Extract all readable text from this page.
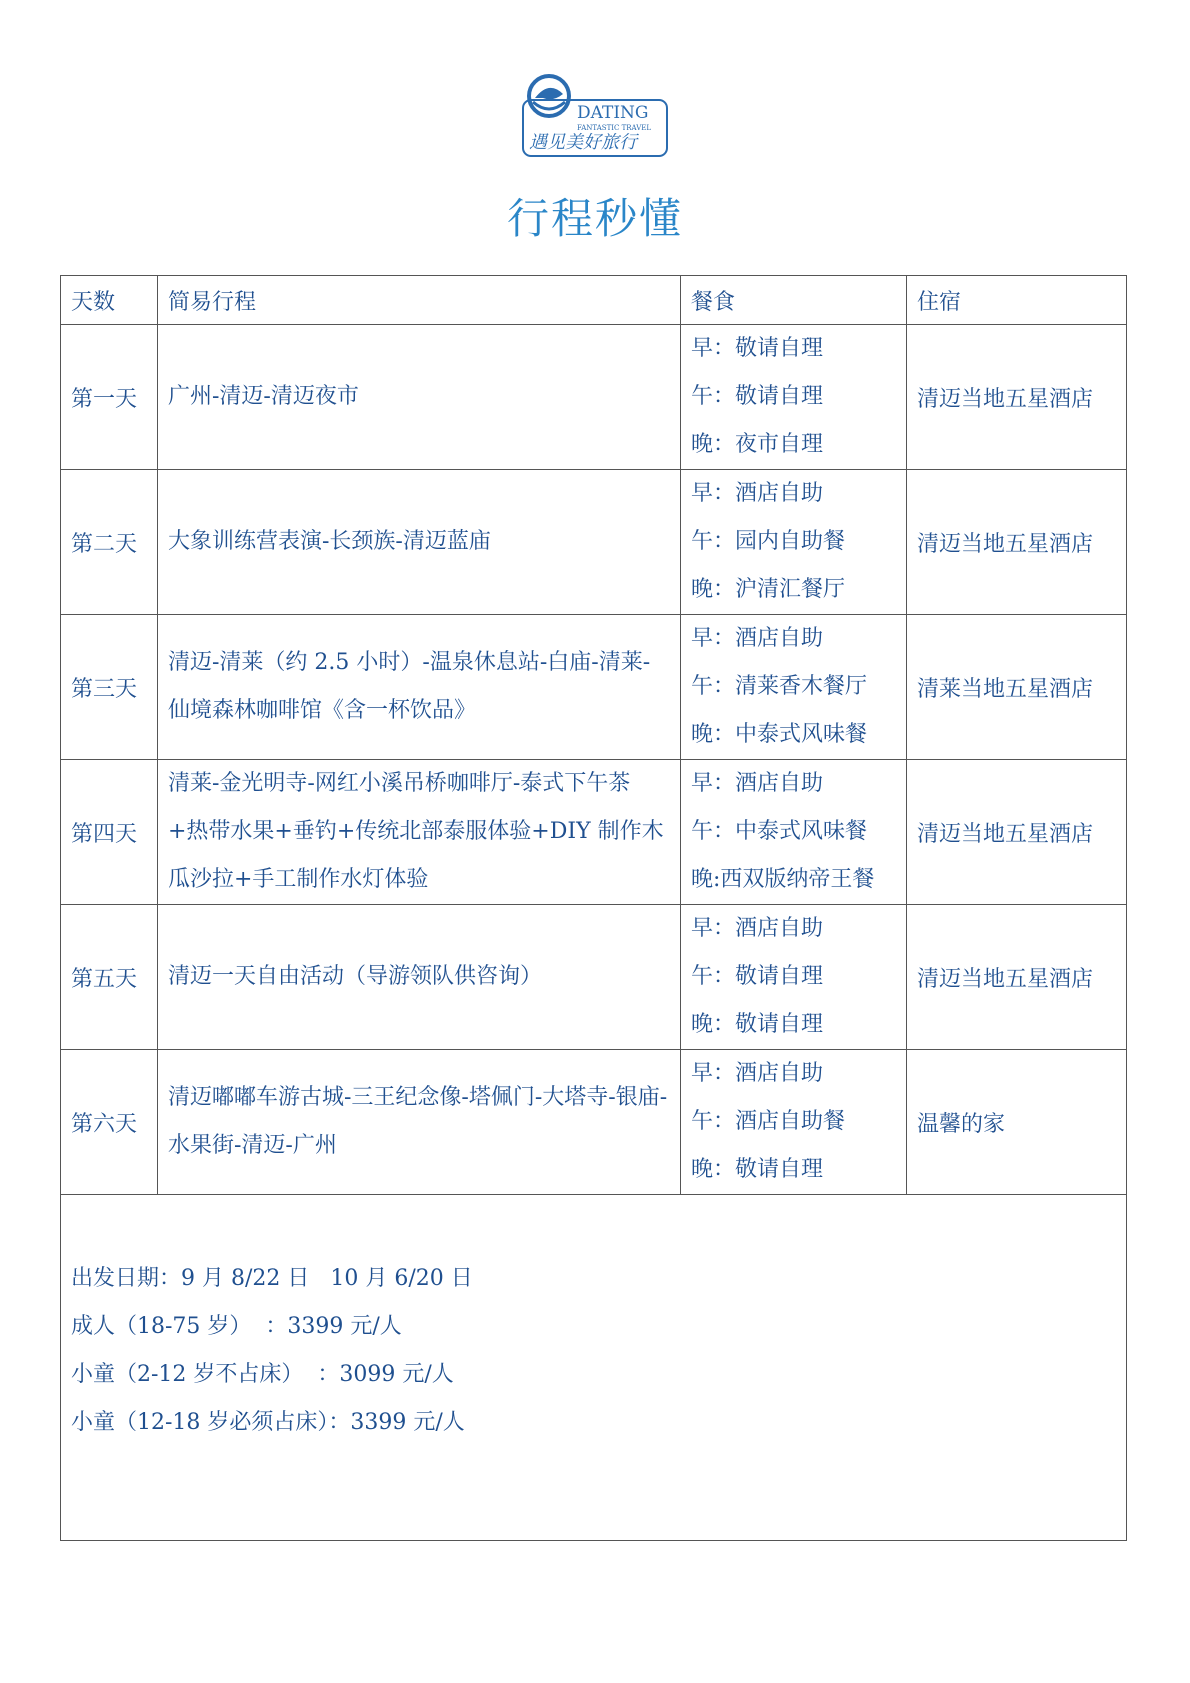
DATING
FANTASTIC TRAVEL
遇见美好旅行
行程秒懂
天数	简易行程	餐食	住宿
第一天	广州-清迈-清迈夜市	早：敬请自理
午：敬请自理
晚：夜市自理	清迈当地五星酒店
第二天	大象训练营表演-长颈族-清迈蓝庙	早：酒店自助
午：园内自助餐
晚：沪清汇餐厅	清迈当地五星酒店
第三天	清迈-清莱（约 2.5 小时）-温泉休息站-白庙-清莱-仙境森林咖啡馆《含一杯饮品》	早：酒店自助
午：清莱香木餐厅
晚：中泰式风味餐	清莱当地五星酒店
第四天	清莱-金光明寺-网红小溪吊桥咖啡厅-泰式下午茶+热带水果+垂钓+传统北部泰服体验+DIY 制作木瓜沙拉+手工制作水灯体验	早：酒店自助
午：中泰式风味餐
晚:西双版纳帝王餐	清迈当地五星酒店
第五天	清迈一天自由活动（导游领队供咨询）	早：酒店自助
午：敬请自理
晚：敬请自理	清迈当地五星酒店
第六天	清迈嘟嘟车游古城-三王纪念像-塔佩门-大塔寺-银庙-水果街-清迈-广州	早：酒店自助
午：酒店自助餐
晚：敬请自理	温馨的家

出发日期：9 月 8/22 日   10 月 6/20 日
成人（18-75 岁）  ：3399 元/人
小童（2-12 岁不占床）  ：3099 元/人
小童（12-18 岁必须占床）：3399 元/人			
